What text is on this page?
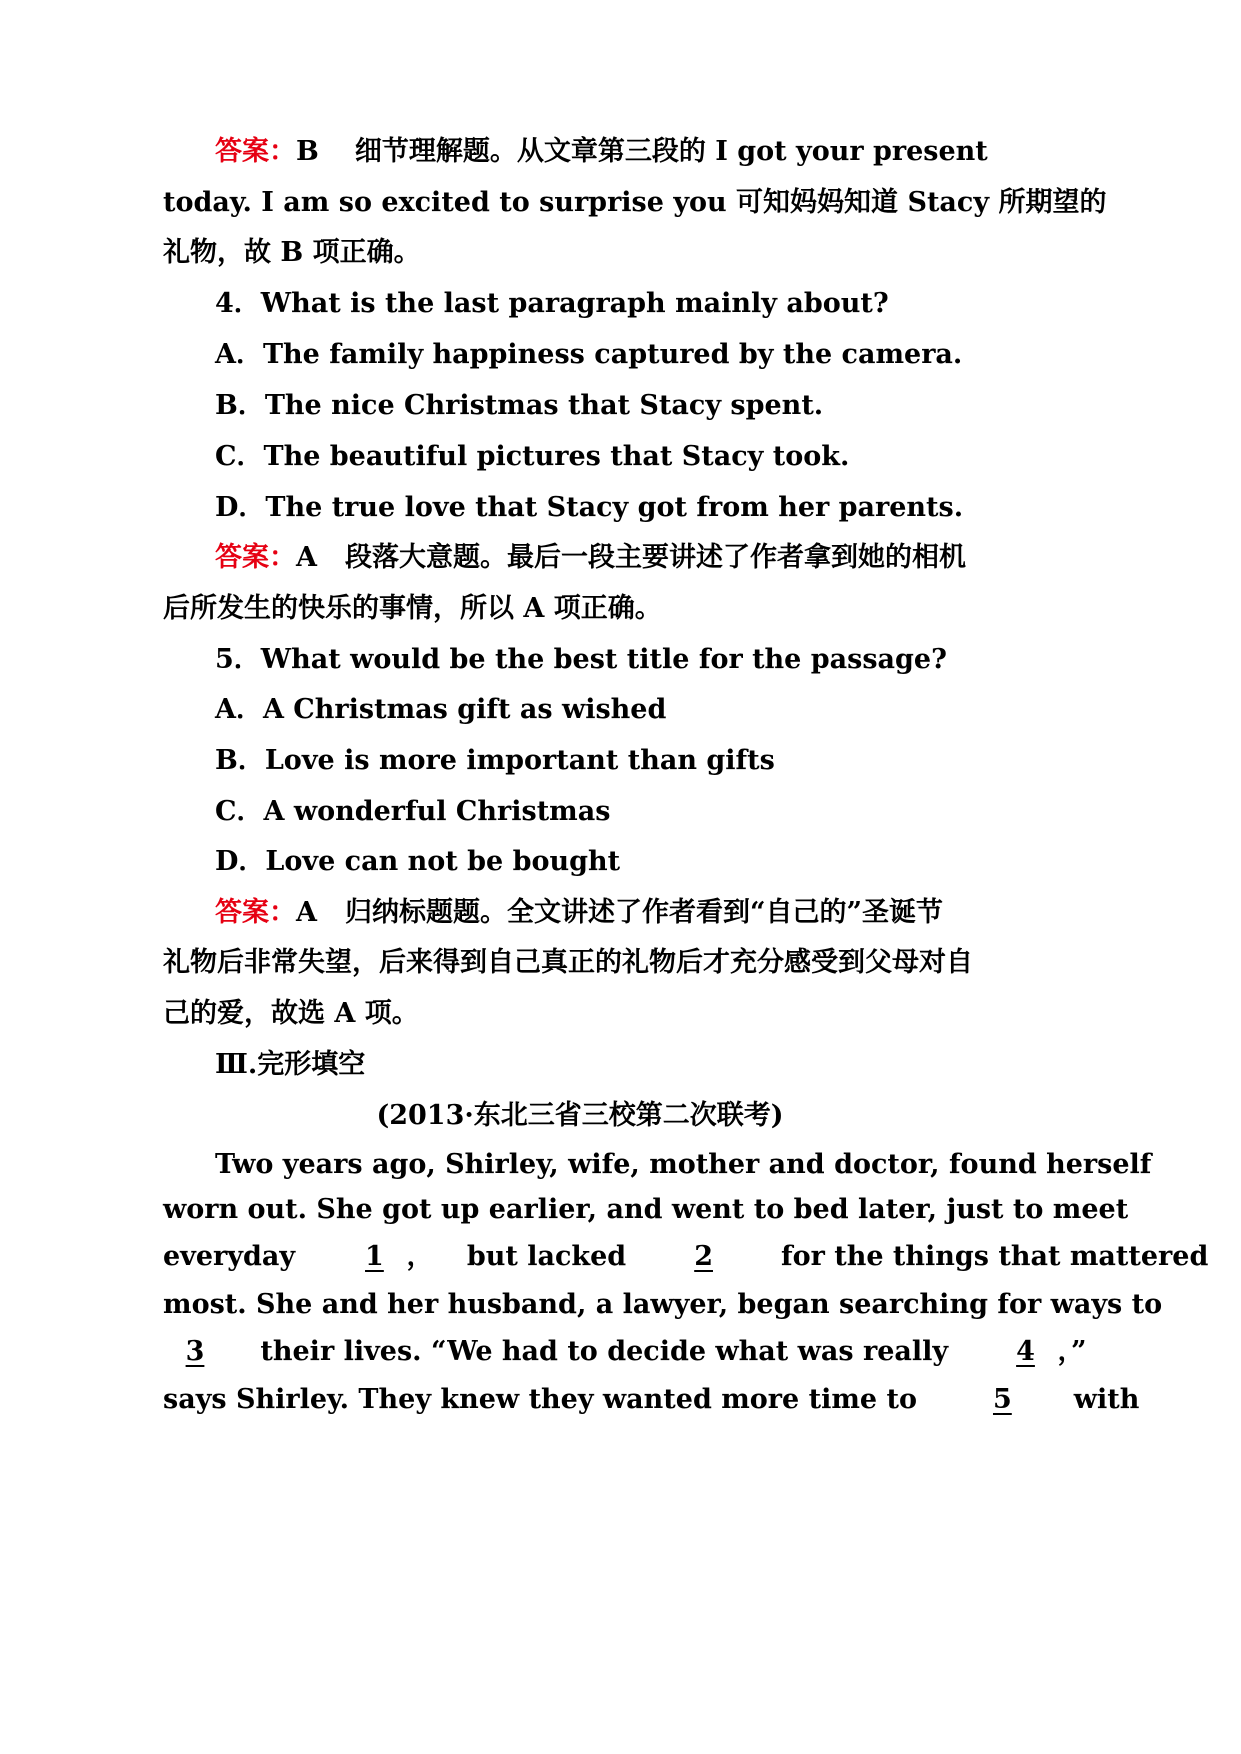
答案：B 细节理解题。从文章第三段的 I got your present
today. I am so excited to surprise you 可知妈妈知道 Stacy 所期望的
礼物，故 B 项正确。
4．What is the last paragraph mainly about?
A．The family happiness captured by the camera.
B．The nice Christmas that Stacy spent.
C．The beautiful pictures that Stacy took.
D．The true love that Stacy got from her parents.
答案：A 段落大意题。最后一段主要讲述了作者拿到她的相机
后所发生的快乐的事情，所以 A 项正确。
5．What would be the best title for the passage?
A．A Christmas gift as wished
B．Love is more important than gifts
C．A wonderful Christmas
D．Love can not be bought
答案：A 归纳标题题。全文讲述了作者看到“自己的”圣诞节
礼物后非常失望，后来得到自己真正的礼物后才充分感受到父母对自
己的爱，故选 A 项。
Ⅲ.完形填空
(2013·东北三省三校第二次联考)
Two years ago, Shirley, wife, mother and doctor, found herself
worn out. She got up earlier, and went to bed later, just to meet
everyday	1 ， but lacked	2	for the things that mattered
most. She and her husband, a lawyer, began searching for ways to
3 their lives. “We had to decide what was really	4 ，”
says Shirley. They knew they wanted more time to	5 with
